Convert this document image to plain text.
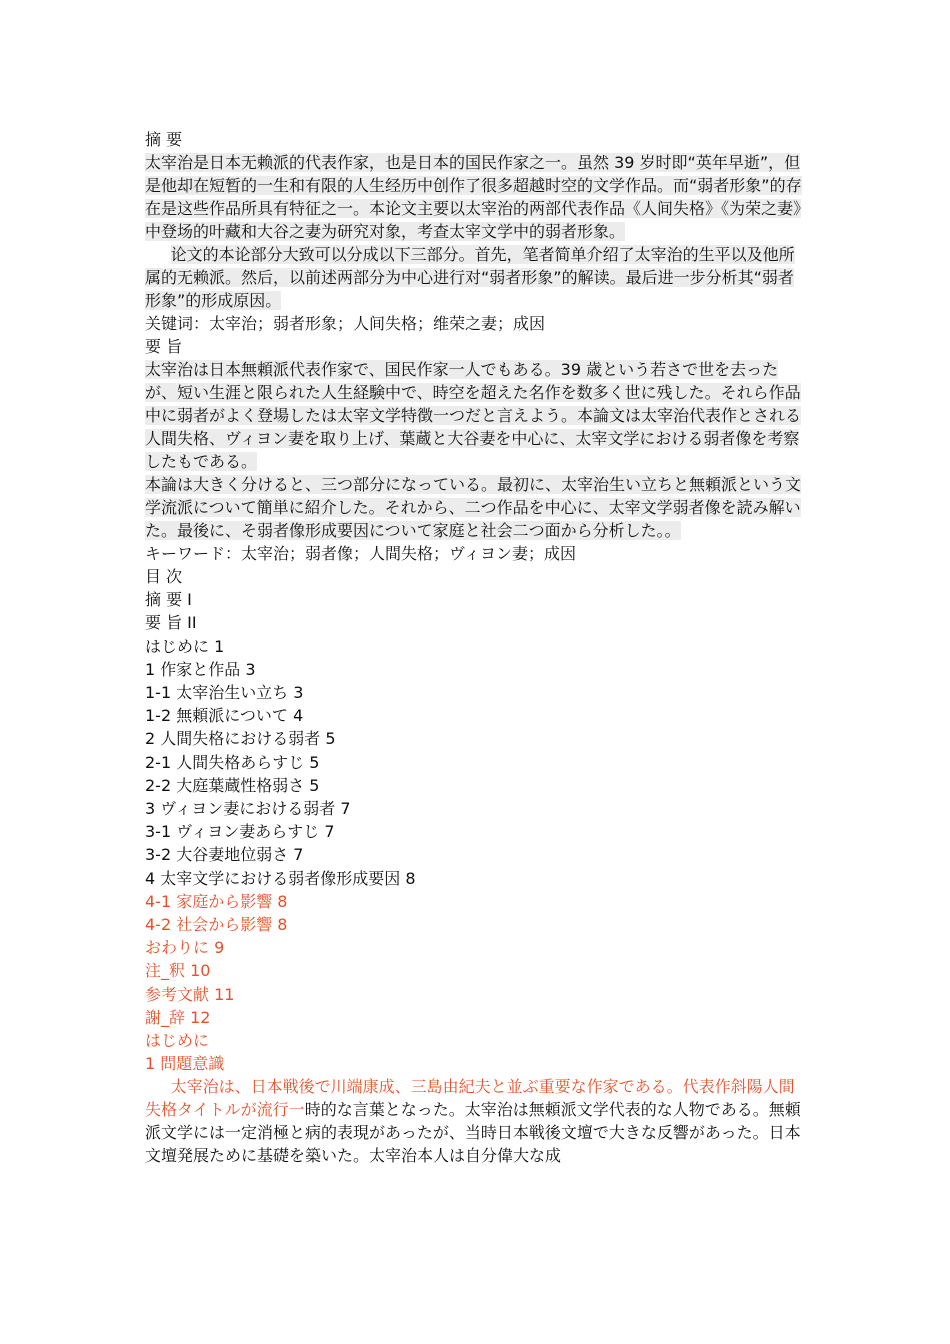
摘 要
太宰治是日本无赖派的代表作家，也是日本的国民作家之一。虽然 39 岁时即“英年早逝”，但是他却在短暂的一生和有限的人生经历中创作了很多超越时空的文学作品。而“弱者形象”的存在是这些作品所具有特征之一。本论文主要以太宰治的两部代表作品《人间失格》《为荣之妻》中登场的叶藏和大谷之妻为研究对象，考查太宰文学中的弱者形象。
论文的本论部分大致可以分成以下三部分。首先，笔者简单介绍了太宰治的生平以及他所属的无赖派。然后，以前述两部分为中心进行对“弱者形象”的解读。最后进一步分析其“弱者形象”的形成原因。
关键词：太宰治；弱者形象；人间失格；维荣之妻；成因
要 旨
太宰治は日本無頼派代表作家で、国民作家一人でもある。39 歳という若さで世を去ったが、短い生涯と限られた人生経験中で、時空を超えた名作を数多く世に残した。それら作品中に弱者がよく登場したは太宰文学特徴一つだと言えよう。本論文は太宰治代表作とされる人間失格、ヴィヨン妻を取り上げ、葉蔵と大谷妻を中心に、太宰文学における弱者像を考察したもである。
本論は大きく分けると、三つ部分になっている。最初に、太宰治生い立ちと無頼派という文学流派について簡単に紹介した。それから、二つ作品を中心に、太宰文学弱者像を読み解いた。最後に、そ弱者像形成要因について家庭と社会二つ面から分析した。。
キーワード：太宰治；弱者像；人間失格；ヴィヨン妻；成因
目 次
摘 要 I
要 旨 II
はじめに 1
1 作家と作品 3
1-1 太宰治生い立ち 3
1-2 無頼派について 4
2 人間失格における弱者 5
2-1 人間失格あらすじ 5
2-2 大庭葉蔵性格弱さ 5
3 ヴィヨン妻における弱者 7
3-1 ヴィヨン妻あらすじ 7
3-2 大谷妻地位弱さ 7
4 太宰文学における弱者像形成要因 8
4-1 家庭から影響 8
4-2 社会から影響 8
おわりに 9
注_釈 10
参考文献 11
謝_辞 12
はじめに
1 問題意識
太宰治は、日本戦後で川端康成、三島由紀夫と並ぶ重要な作家である。代表作斜陽人間失格タイトルが流行一時的な言葉となった。太宰治は無頼派文学代表的な人物である。無頼派文学には一定消極と病的表現があったが、当時日本戦後文壇で大きな反響があった。日本文壇発展ために基礎を築いた。太宰治本人は自分偉大な成
